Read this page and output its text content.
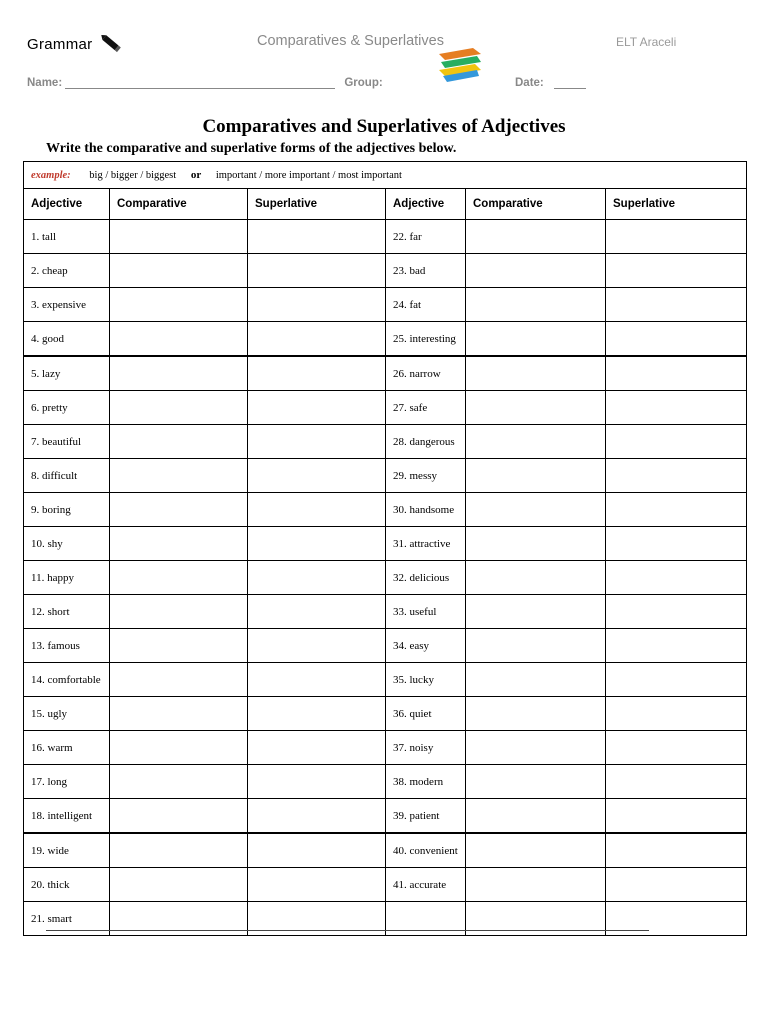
Grammar	Comparatives & Superlatives	ELT Araceli
Name:	Group:	Date:
Comparatives and Superlatives of Adjectives
Write the comparative and superlative forms of the adjectives below.
example: big / bigger / biggest or important / more important / most important					
Adjective	Comparative	Superlative	Adjective	Comparative	Superlative
1. tall			22. far		
2. cheap			23. bad		
3. expensive			24. fat		
4. good			25. interesting		
5. lazy			26. narrow		
6. pretty			27. safe		
7. beautiful			28. dangerous		
8. difficult			29. messy		
9. boring			30. handsome		
10. shy			31. attractive		
11. happy			32. delicious		
12. short			33. useful		
13. famous			34. easy		
14. comfortable			35. lucky		
15. ugly			36. quiet		
16. warm			37. noisy		
17. long			38. modern		
18. intelligent			39. patient		
19. wide			40. convenient		
20. thick			41. accurate		
21. smart					
